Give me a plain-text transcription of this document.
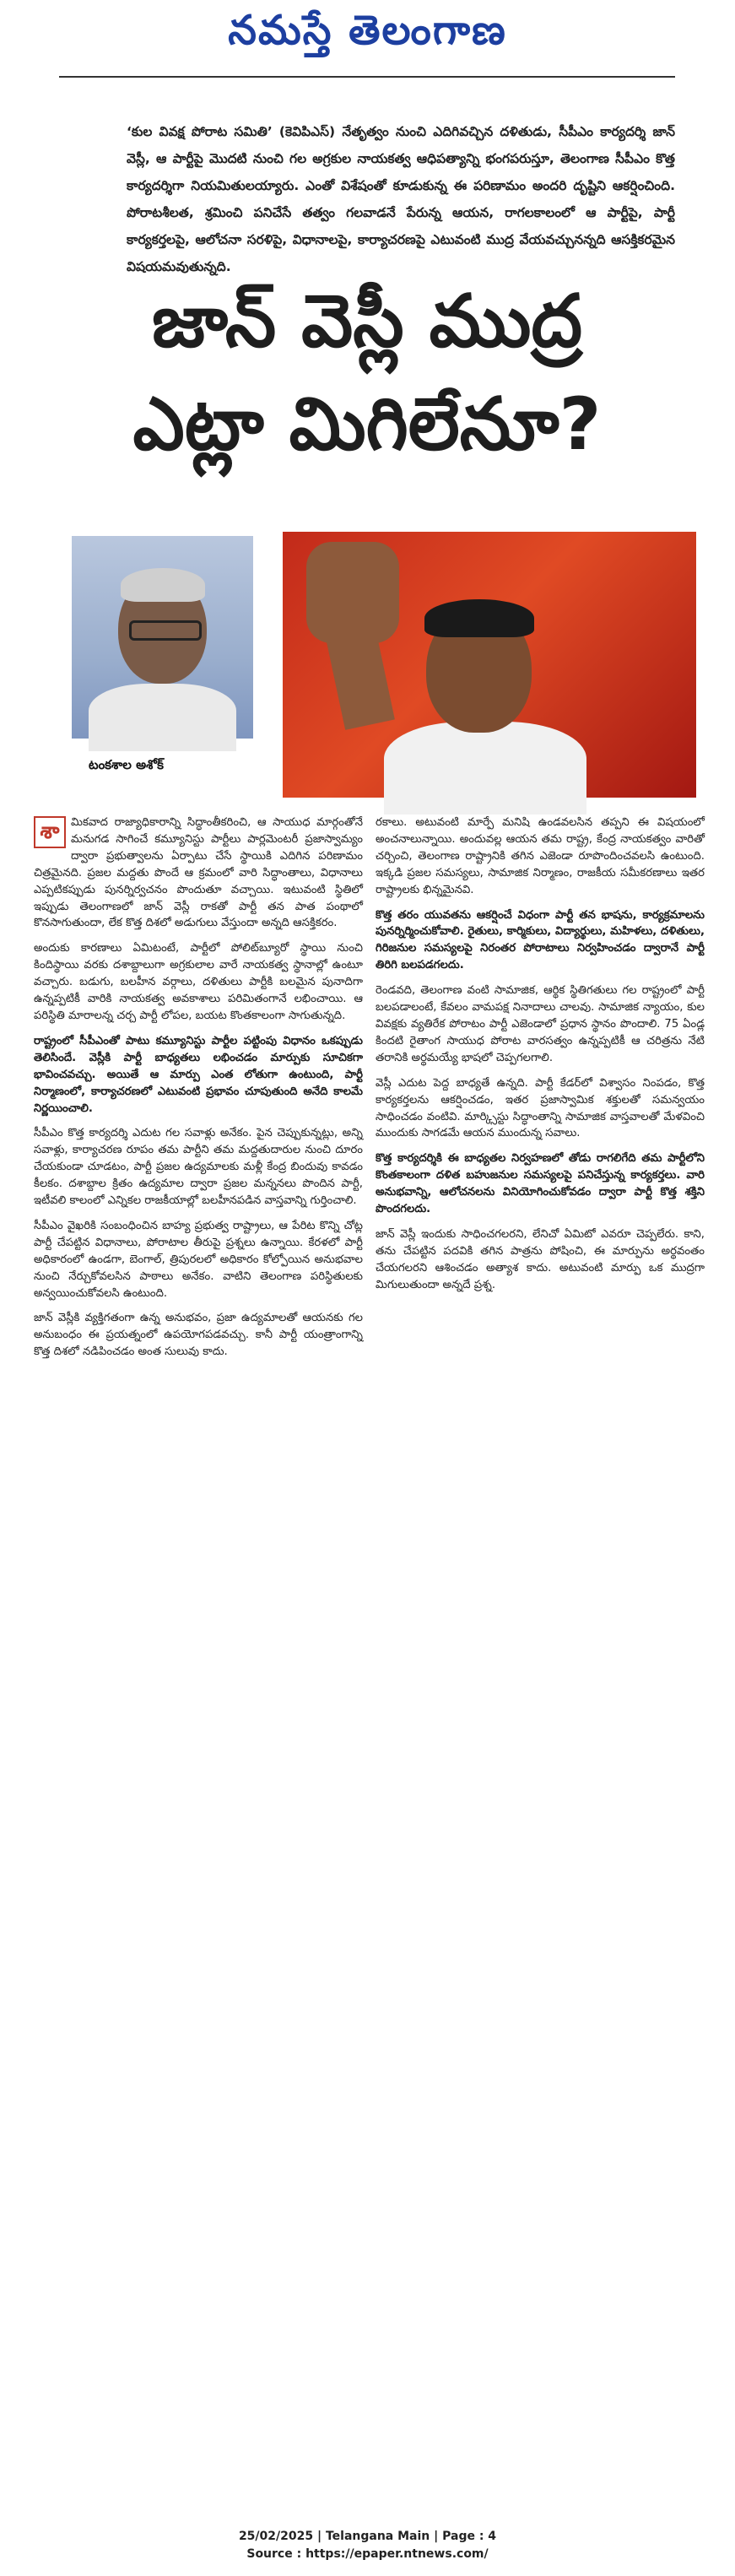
నమస్తే తెలంగాణ
‘కుల వివక్ష పోరాట సమితి’ (కెవిపిఎస్) నేతృత్వం నుంచి ఎదిగివచ్చిన దళితుడు, సీపీఎం కార్యదర్శి జాన్ వెస్లీ, ఆ పార్టీపై మొదటి నుంచి గల అగ్రకుల నాయకత్వ ఆధిపత్యాన్ని భంగపరుస్తూ, తెలంగాణ సీపీఎం కొత్త కార్యదర్శిగా నియమితులయ్యారు. ఎంతో విశేషంతో కూడుకున్న ఈ పరిణామం అందరి దృష్టిని ఆకర్షించింది. పోరాటశీలత, శ్రమించి పనిచేసే తత్వం గలవాడనే పేరున్న ఆయన, రాగలకాలంలో ఆ పార్టీపై, పార్టీ కార్యకర్తలపై, ఆలోచనా సరళిపై, విధానాలపై, కార్యాచరణపై ఎటువంటి ముద్ర వేయవచ్చునన్నది ఆసక్తికరమైన విషయమవుతున్నది.
జాన్ వెస్లీ ముద్ర
ఎట్లా మిగిలేనూ?
టంకశాల అశోక్

శా	మికవాద రాజ్యాధికారాన్ని సిద్ధాంతీకరించి, ఆ సాయుధ మార్గంతోనే మనుగడ సాగించే కమ్యూనిస్టు పార్టీలు పార్లమెంటరీ ప్రజాస్వామ్యం ద్వారా ప్రభుత్వాలను ఏర్పాటు చేసే స్థాయికి ఎదిగిన పరిణామం చిత్రమైనది. ప్రజల మద్దతు పొందే ఆ క్రమంలో వారి సిద్ధాంతాలు, విధానాలు ఎప్పటికప్పుడు పునర్నిర్వచనం పొందుతూ వచ్చాయి. ఇటువంటి స్థితిలో ఇప్పుడు తెలంగాణలో జాన్ వెస్లీ రాకతో పార్టీ తన పాత పంథాలో కొనసాగుతుందా, లేక కొత్త దిశలో అడుగులు వేస్తుందా అన్నది ఆసక్తికరం.

అందుకు కారణాలు ఏమిటంటే, పార్టీలో పోలిట్‌బ్యూరో స్థాయి నుంచి కిందిస్థాయి వరకు దశాబ్దాలుగా అగ్రకులాల వారే నాయకత్వ స్థానాల్లో ఉంటూ వచ్చారు. బడుగు, బలహీన వర్గాలు, దళితులు పార్టీకి బలమైన పునాదిగా ఉన్నప్పటికీ వారికి నాయకత్వ అవకాశాలు పరిమితంగానే లభించాయి. ఆ పరిస్థితి మారాలన్న చర్చ పార్టీ లోపల, బయట కొంతకాలంగా సాగుతున్నది.

రాష్ట్రంలో సీపీఎంతో పాటు కమ్యూనిస్టు పార్టీల పట్టింపు విధానం ఒకప్పుడు తెలిసిందే. వెస్లీకి పార్టీ బాధ్యతలు లభించడం మార్పుకు సూచికగా భావించవచ్చు. అయితే ఆ మార్పు ఎంత లోతుగా ఉంటుంది, పార్టీ నిర్మాణంలో, కార్యాచరణలో ఎటువంటి ప్రభావం చూపుతుంది అనేది కాలమే నిర్ణయించాలి.

సీపీఎం కొత్త కార్యదర్శి ఎదుట గల సవాళ్లు అనేకం. పైన చెప్పుకున్నట్లు, అన్ని సవాళ్లు, కార్యాచరణ రూపం తమ పార్టీని తమ మద్దతుదారుల నుంచి దూరం చేయకుండా చూడటం, పార్టీ ప్రజల ఉద్యమాలకు మళ్లీ కేంద్ర బిందువు కావడం కీలకం. దశాబ్దాల క్రితం ఉద్యమాల ద్వారా ప్రజల మన్ననలు పొందిన పార్టీ, ఇటీవలి కాలంలో ఎన్నికల రాజకీయాల్లో బలహీనపడిన వాస్తవాన్ని గుర్తించాలి.

సీపీఎం వైఖరికి సంబంధించిన బాహ్య ప్రభుత్వ రాష్ట్రాలు, ఆ పేరిట కొన్ని చోట్ల పార్టీ చేపట్టిన విధానాలు, పోరాటాల తీరుపై ప్రశ్నలు ఉన్నాయి. కేరళలో పార్టీ అధికారంలో ఉండగా, బెంగాల్, త్రిపురలలో అధికారం కోల్పోయిన అనుభవాల నుంచి నేర్చుకోవలసిన పాఠాలు అనేకం. వాటిని తెలంగాణ పరిస్థితులకు అన్వయించుకోవలసి ఉంటుంది.

జాన్ వెస్లీకి వ్యక్తిగతంగా ఉన్న అనుభవం, ప్రజా ఉద్యమాలతో ఆయనకు గల అనుబంధం ఈ ప్రయత్నంలో ఉపయోగపడవచ్చు. కానీ పార్టీ యంత్రాంగాన్ని కొత్త దిశలో నడిపించడం అంత సులువు కాదు.

రకాలు. అటువంటి మార్పే మనిషి ఉండవలసిన తప్పని ఈ విషయంలో అంచనాలున్నాయి. అందువల్ల ఆయన తమ రాష్ట్ర, కేంద్ర నాయకత్వం వారితో చర్చించి, తెలంగాణ రాష్ట్రానికి తగిన ఎజెండా రూపొందించవలసి ఉంటుంది. ఇక్కడి ప్రజల సమస్యలు, సామాజిక నిర్మాణం, రాజకీయ సమీకరణాలు ఇతర రాష్ట్రాలకు భిన్నమైనవి.

కొత్త తరం యువతను ఆకర్షించే విధంగా పార్టీ తన భాషను, కార్యక్రమాలను పునర్నిర్మించుకోవాలి. రైతులు, కార్మికులు, విద్యార్థులు, మహిళలు, దళితులు, గిరిజనుల సమస్యలపై నిరంతర పోరాటాలు నిర్వహించడం ద్వారానే పార్టీ తిరిగి బలపడగలదు.

రెండవది, తెలంగాణ వంటి సామాజిక, ఆర్థిక స్థితిగతులు గల రాష్ట్రంలో పార్టీ బలపడాలంటే, కేవలం వామపక్ష నినాదాలు చాలవు. సామాజిక న్యాయం, కుల వివక్షకు వ్యతిరేక పోరాటం పార్టీ ఎజెండాలో ప్రధాన స్థానం పొందాలి. 75 ఏండ్ల కిందటి రైతాంగ సాయుధ పోరాట వారసత్వం ఉన్నప్పటికీ ఆ చరిత్రను నేటి తరానికి అర్థమయ్యే భాషలో చెప్పగలగాలి.

వెస్లీ ఎదుట పెద్ద బాధ్యతే ఉన్నది. పార్టీ కేడర్‌లో విశ్వాసం నింపడం, కొత్త కార్యకర్తలను ఆకర్షించడం, ఇతర ప్రజాస్వామిక శక్తులతో సమన్వయం సాధించడం వంటివి. మార్క్సిస్టు సిద్ధాంతాన్ని సామాజిక వాస్తవాలతో మేళవించి ముందుకు సాగడమే ఆయన ముందున్న సవాలు.

కొత్త కార్యదర్శికి ఈ బాధ్యతల నిర్వహణలో తోడు రాగలిగేది తమ పార్టీలోని కొంతకాలంగా దళిత బహుజనుల సమస్యలపై పనిచేస్తున్న కార్యకర్తలు. వారి అనుభవాన్ని, ఆలోచనలను వినియోగించుకోవడం ద్వారా పార్టీ కొత్త శక్తిని పొందగలదు.

జాన్ వెస్లీ ఇందుకు సాధించగలరని, లేనిచో ఏమిటో ఎవరూ చెప్పలేరు. కాని, తను చేపట్టిన పదవికి తగిన పాత్రను పోషించి, ఈ మార్పును అర్థవంతం చేయగలరని ఆశించడం అత్యాశ కాదు. అటువంటి మార్పు ఒక ముద్రగా మిగులుతుందా అన్నదే ప్రశ్న.

25/02/2025 | Telangana Main | Page : 4
Source : https://epaper.ntnews.com/
